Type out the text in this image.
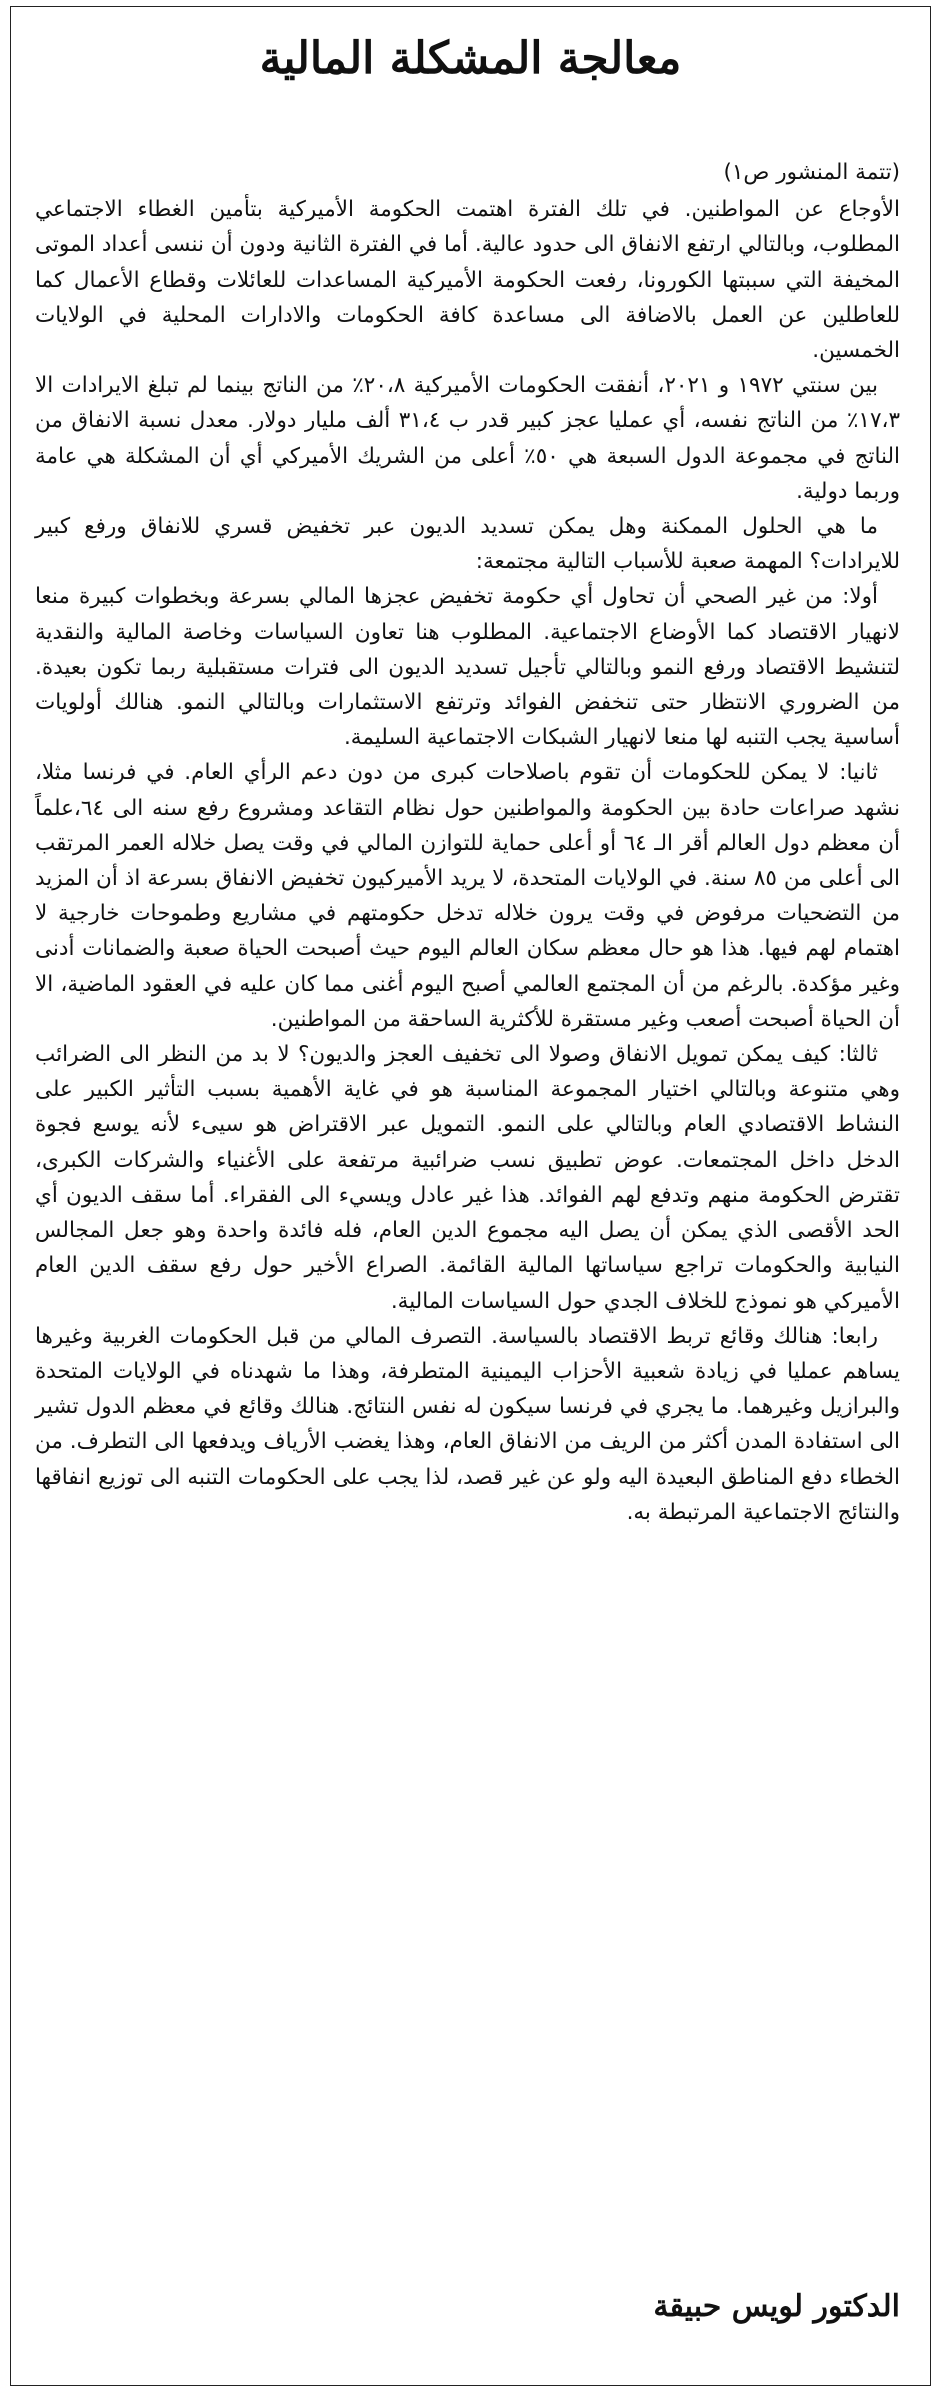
معالجة المشكلة المالية
(تتمة المنشور ص١)

الأوجاع عن المواطنين. في تلك الفترة اهتمت الحكومة الأميركية بتأمين الغطاء الاجتماعي المطلوب، وبالتالي ارتفع الانفاق الى حدود عالية. أما في الفترة الثانية ودون أن ننسى أعداد الموتى المخيفة التي سببتها الكورونا، رفعت الحكومة الأميركية المساعدات للعائلات وقطاع الأعمال كما للعاطلين عن العمل بالاضافة الى مساعدة كافة الحكومات والادارات المحلية في الولايات الخمسين.

بين سنتي ١٩٧٢ و ٢٠٢١، أنفقت الحكومات الأميركية ٢٠،٨٪ من الناتج بينما لم تبلغ الايرادات الا ١٧،٣٪ من الناتج نفسه، أي عمليا عجز كبير قدر ب ٣١،٤ ألف مليار دولار. معدل نسبة الانفاق من الناتج في مجموعة الدول السبعة هي ٥٠٪ أعلى من الشريك الأميركي أي أن المشكلة هي عامة وربما دولية.

ما هي الحلول الممكنة وهل يمكن تسديد الديون عبر تخفيض قسري للانفاق ورفع كبير للايرادات؟ المهمة صعبة للأسباب التالية مجتمعة:

أولا: من غير الصحي أن تحاول أي حكومة تخفيض عجزها المالي بسرعة وبخطوات كبيرة منعا لانهيار الاقتصاد كما الأوضاع الاجتماعية. المطلوب هنا تعاون السياسات وخاصة المالية والنقدية لتنشيط الاقتصاد ورفع النمو وبالتالي تأجيل تسديد الديون الى فترات مستقبلية ربما تكون بعيدة. من الضروري الانتظار حتى تنخفض الفوائد وترتفع الاستثمارات وبالتالي النمو. هنالك أولويات أساسية يجب التنبه لها منعا لانهيار الشبكات الاجتماعية السليمة.

ثانيا: لا يمكن للحكومات أن تقوم باصلاحات كبرى من دون دعم الرأي العام. في فرنسا مثلا، نشهد صراعات حادة بين الحكومة والمواطنين حول نظام التقاعد ومشروع رفع سنه الى ٦٤،علماً أن معظم دول العالم أقر الـ ٦٤ أو أعلى حماية للتوازن المالي في وقت يصل خلاله العمر المرتقب الى أعلى من ٨٥ سنة. في الولايات المتحدة، لا يريد الأميركيون تخفيض الانفاق بسرعة اذ أن المزيد من التضحيات مرفوض في وقت يرون خلاله تدخل حكومتهم في مشاريع وطموحات خارجية لا اهتمام لهم فيها. هذا هو حال معظم سكان العالم اليوم حيث أصبحت الحياة صعبة والضمانات أدنى وغير مؤكدة. بالرغم من أن المجتمع العالمي أصبح اليوم أغنى مما كان عليه في العقود الماضية، الا أن الحياة أصبحت أصعب وغير مستقرة للأكثرية الساحقة من المواطنين.

ثالثا: كيف يمكن تمويل الانفاق وصولا الى تخفيف العجز والديون؟ لا بد من النظر الى الضرائب وهي متنوعة وبالتالي اختيار المجموعة المناسبة هو في غاية الأهمية بسبب التأثير الكبير على النشاط الاقتصادي العام وبالتالي على النمو. التمويل عبر الاقتراض هو سيىء لأنه يوسع فجوة الدخل داخل المجتمعات. عوض تطبيق نسب ضرائبية مرتفعة على الأغنياء والشركات الكبرى، تقترض الحكومة منهم وتدفع لهم الفوائد. هذا غير عادل ويسيء الى الفقراء. أما سقف الديون أي الحد الأقصى الذي يمكن أن يصل اليه مجموع الدين العام، فله فائدة واحدة وهو جعل المجالس النيابية والحكومات تراجع سياساتها المالية القائمة. الصراع الأخير حول رفع سقف الدين العام الأميركي هو نموذج للخلاف الجدي حول السياسات المالية.

رابعا: هنالك وقائع تربط الاقتصاد بالسياسة. التصرف المالي من قبل الحكومات الغربية وغيرها يساهم عمليا في زيادة شعبية الأحزاب اليمينية المتطرفة، وهذا ما شهدناه في الولايات المتحدة والبرازيل وغيرهما. ما يجري في فرنسا سيكون له نفس النتائج. هنالك وقائع في معظم الدول تشير الى استفادة المدن أكثر من الريف من الانفاق العام، وهذا يغضب الأرياف ويدفعها الى التطرف. من الخطاء دفع المناطق البعيدة اليه ولو عن غير قصد، لذا يجب على الحكومات التنبه الى توزيع انفاقها والنتائج الاجتماعية المرتبطة به.

الدكتور لويس حبيقة
